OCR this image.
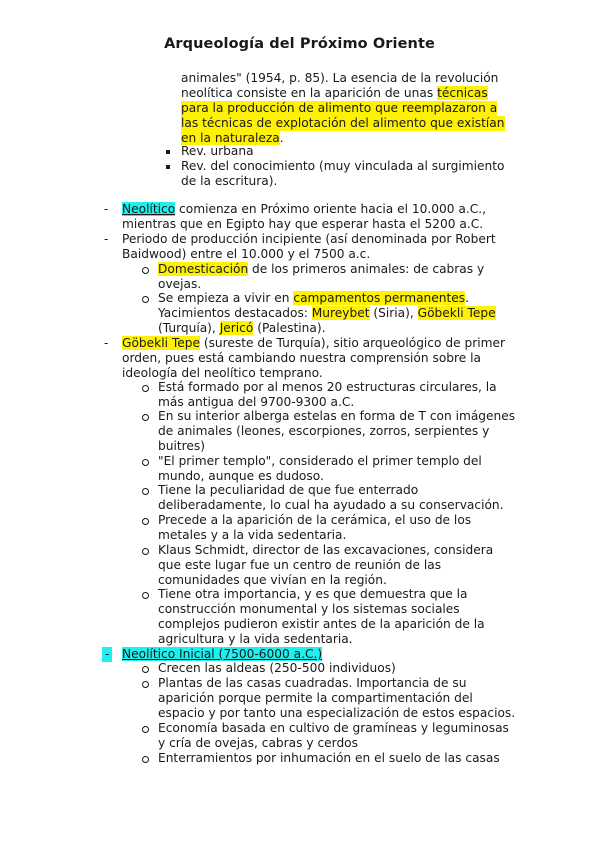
Arqueología del Próximo Oriente
animales" (1954, p. 85). La esencia de la revolución
neolítica consiste en la aparición de unas técnicas
para la producción de alimento que reemplazaron a
las técnicas de explotación del alimento que existían
en la naturaleza.
Rev. urbana
Rev. del conocimiento (muy vinculada al surgimiento
de la escritura).
- Neolítico comienza en Próximo oriente hacia el 10.000 a.C.,
mientras que en Egipto hay que esperar hasta el 5200 a.C.
- Periodo de producción incipiente (así denominada por Robert
Baidwood) entre el 10.000 y el 7500 a.c.
Domesticación de los primeros animales: de cabras y
ovejas.
Se empieza a vivir en campamentos permanentes.
Yacimientos destacados: Mureybet (Siria), Göbekli Tepe
(Turquía), Jericó (Palestina).
- Göbekli Tepe (sureste de Turquía), sitio arqueológico de primer
orden, pues está cambiando nuestra comprensión sobre la
ideología del neolítico temprano.
Está formado por al menos 20 estructuras circulares, la
más antigua del 9700-9300 a.C.
En su interior alberga estelas en forma de T con imágenes
de animales (leones, escorpiones, zorros, serpientes y
buitres)
"El primer templo", considerado el primer templo del
mundo, aunque es dudoso.
Tiene la peculiaridad de que fue enterrado
deliberadamente, lo cual ha ayudado a su conservación.
Precede a la aparición de la cerámica, el uso de los
metales y a la vida sedentaria.
Klaus Schmidt, director de las excavaciones, considera
que este lugar fue un centro de reunión de las
comunidades que vivían en la región.
Tiene otra importancia, y es que demuestra que la
construcción monumental y los sistemas sociales
complejos pudieron existir antes de la aparición de la
agricultura y la vida sedentaria.
- Neolítico Inicial (7500-6000 a.C.)
Crecen las aldeas (250-500 individuos)
Plantas de las casas cuadradas. Importancia de su
aparición porque permite la compartimentación del
espacio y por tanto una especialización de estos espacios.
Economía basada en cultivo de gramíneas y leguminosas
y cría de ovejas, cabras y cerdos
Enterramientos por inhumación en el suelo de las casas
